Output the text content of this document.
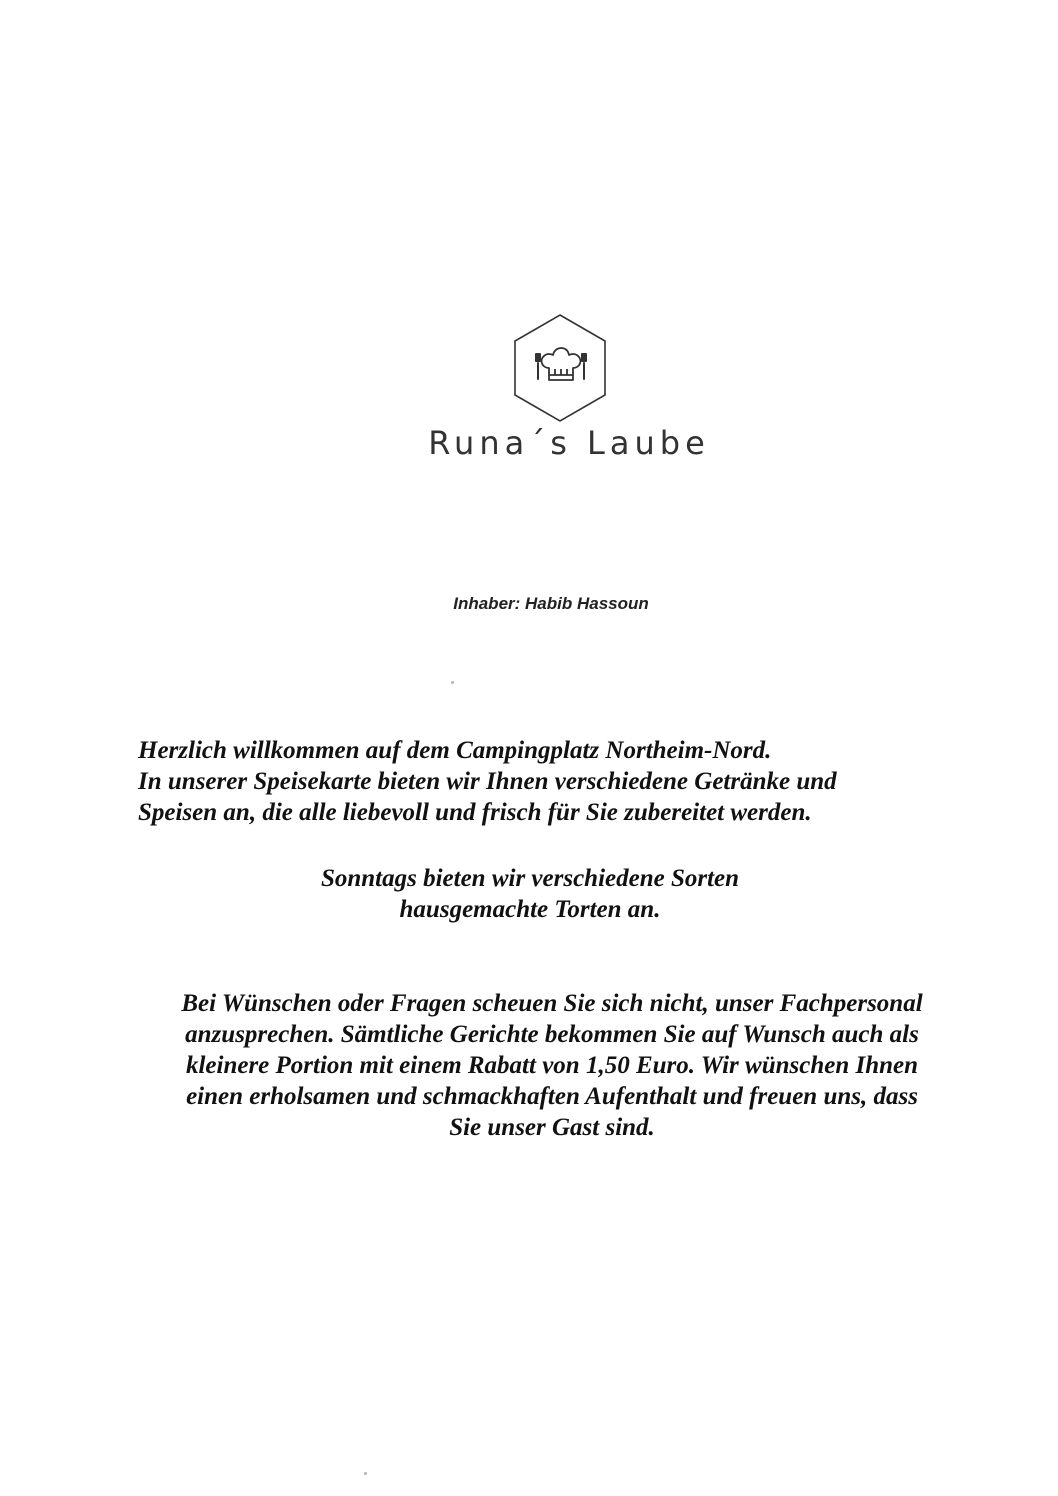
Runa´s Laube
Inhaber: Habib Hassoun
Herzlich willkommen auf dem Campingplatz Northeim-Nord.
In unserer Speisekarte bieten wir Ihnen verschiedene Getränke und
Speisen an, die alle liebevoll und frisch für Sie zubereitet werden.
Sonntags bieten wir verschiedene Sorten
hausgemachte Torten an.
Bei Wünschen oder Fragen scheuen Sie sich nicht, unser Fachpersonal
anzusprechen. Sämtliche Gerichte bekommen Sie auf Wunsch auch als
kleinere Portion mit einem Rabatt von 1,50 Euro. Wir wünschen Ihnen
einen erholsamen und schmackhaften Aufenthalt und freuen uns, dass
Sie unser Gast sind.
